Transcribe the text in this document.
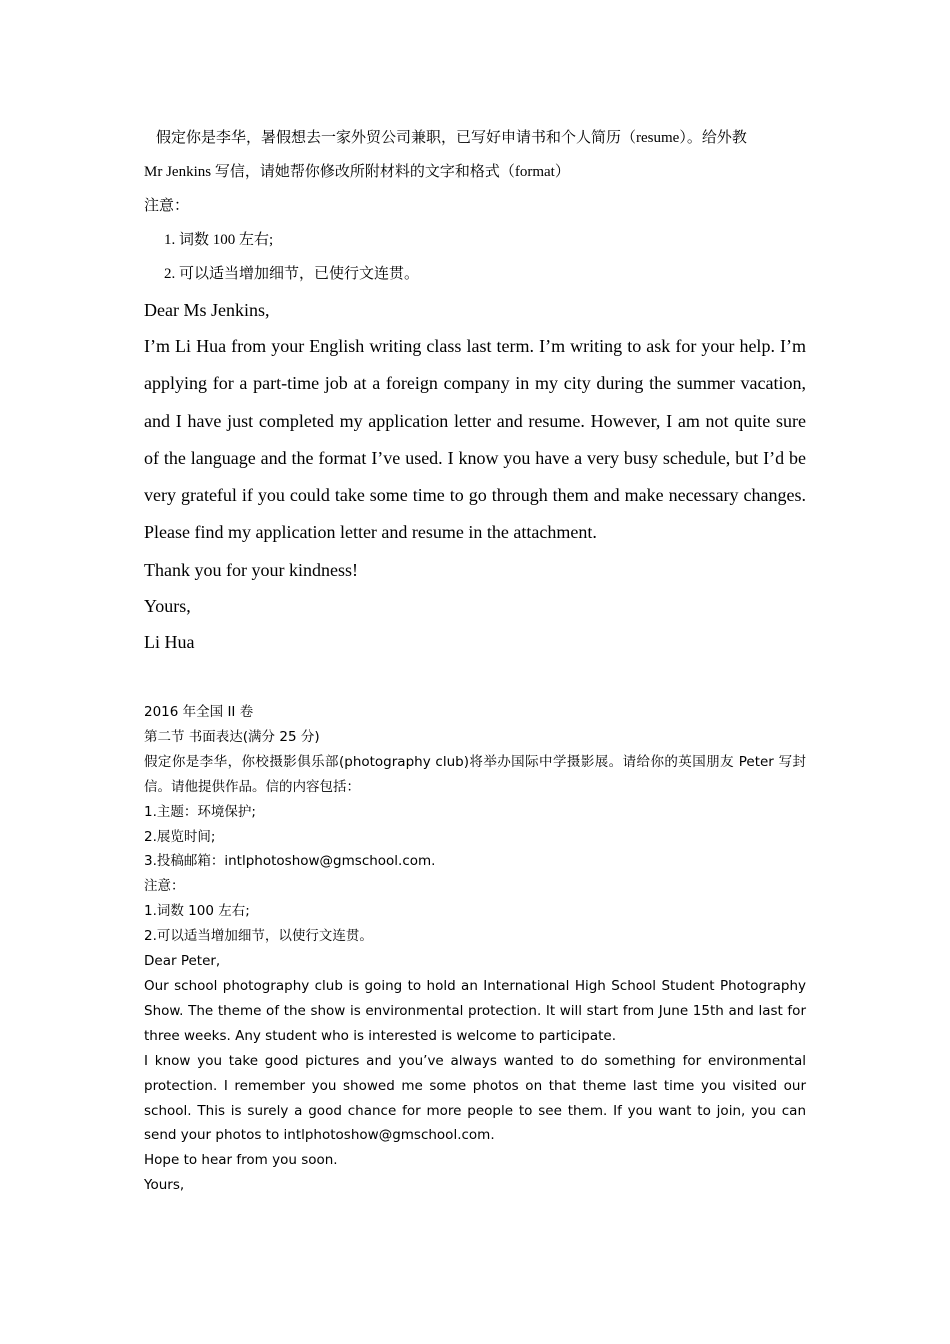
假定你是李华，暑假想去一家外贸公司兼职，已写好申请书和个人简历（resume）。给外教
Mr Jenkins 写信，请她帮你修改所附材料的文字和格式（format）
注意：
1. 词数 100 左右;
2. 可以适当增加细节，已使行文连贯。
Dear Ms Jenkins,
I’m Li Hua from your English writing class last term. I’m writing to ask for your help. I’m applying for a part-time job at a foreign company in my city during the summer vacation, and I have just completed my application letter and resume. However, I am not quite sure of the language and the format I’ve used. I know you have a very busy schedule, but I’d be very grateful if you could take some time to go through them and make necessary changes. Please find my application letter and resume in the attachment.
Thank you for your kindness!
Yours,
Li Hua
2016 年全国 II 卷
第二节 书面表达(满分 25 分)
假定你是李华，你校摄影俱乐部(photography club)将举办国际中学摄影展。请给你的英国朋友 Peter 写封信。请他提供作品。信的内容包括：
1.主题：环境保护;
2.展览时间;
3.投稿邮箱：intlphotoshow@gmschool.com.
注意：
1.词数 100 左右;
2.可以适当增加细节，以使行文连贯。
Dear Peter,
Our school photography club is going to hold an International High School Student Photography Show. The theme of the show is environmental protection. It will start from June 15th and last for three weeks. Any student who is interested is welcome to participate.
I know you take good pictures and you’ve always wanted to do something for environmental protection. I remember you showed me some photos on that theme last time you visited our school. This is surely a good chance for more people to see them. If you want to join, you can send your photos to intlphotoshow@gmschool.com.
Hope to hear from you soon.
Yours,
